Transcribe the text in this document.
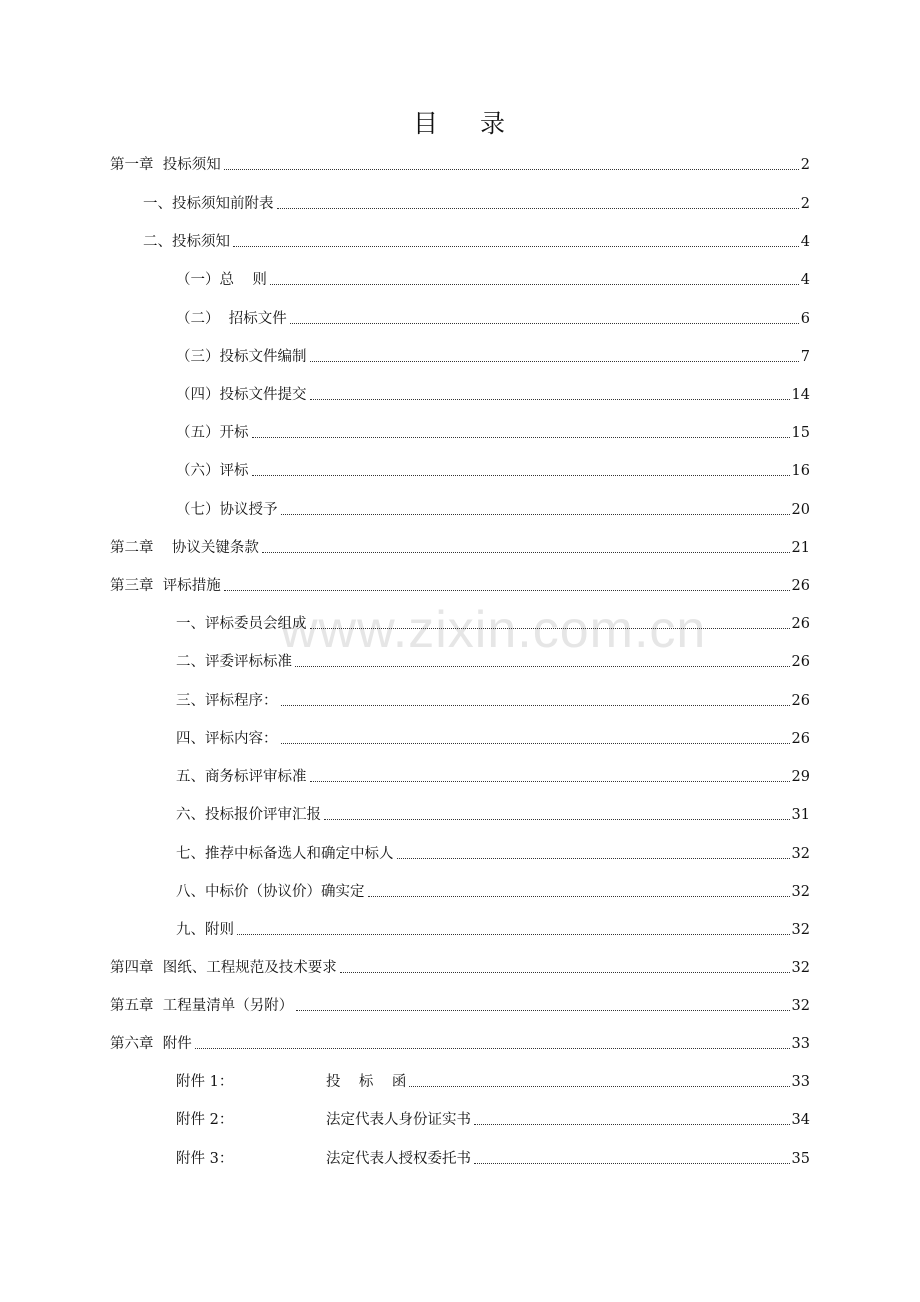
目 录
www.zixin.com.cn
第一章  投标须知	2
一、投标须知前附表	2
二、投标须知	4
（一）总    则	4
（二）  招标文件	6
（三）投标文件编制	7
（四）投标文件提交	14
（五）开标	15
（六）评标	16
（七）协议授予	20
第二章    协议关键条款	21
第三章  评标措施	26
一、评标委员会组成	26
二、评委评标标准	26
三、评标程序：	26
四、评标内容：	26
五、商务标评审标准	29
六、投标报价评审汇报	31
七、推荐中标备选人和确定中标人	32
八、中标价（协议价）确实定	32
九、附则	32
第四章  图纸、工程规范及技术要求	32
第五章  工程量清单（另附）	32
第六章  附件	33
附件 1：	投    标    函	33
附件 2：	法定代表人身份证实书	34
附件 3：	法定代表人授权委托书	35
